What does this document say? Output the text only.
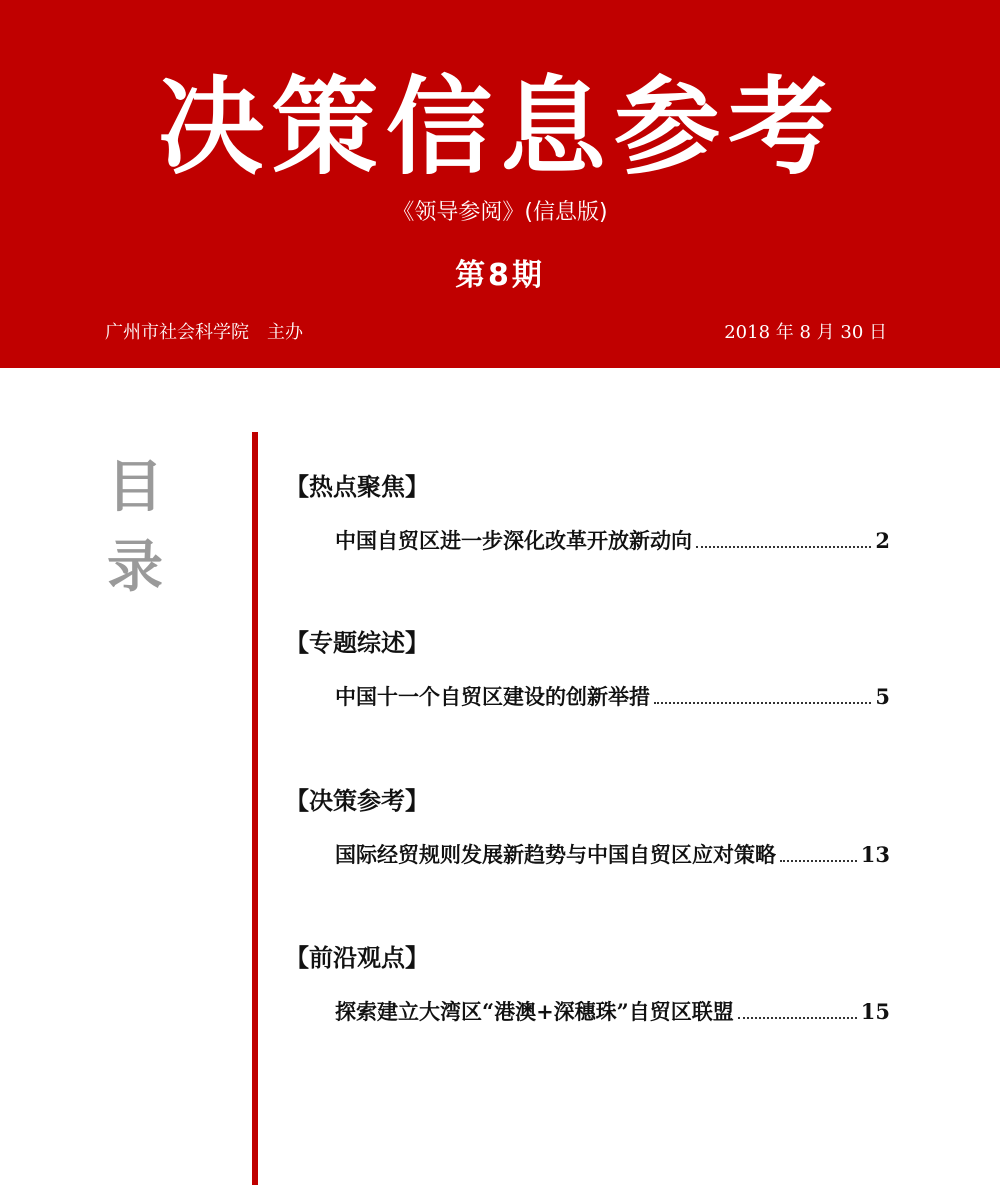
决策信息参考
《领导参阅》(信息版)
第8期
广州市社会科学院　主办	2018 年 8 月 30 日
目
录
【热点聚焦】
中国自贸区进一步深化改革开放新动向	2
【专题综述】
中国十一个自贸区建设的创新举措	5
【决策参考】
国际经贸规则发展新趋势与中国自贸区应对策略	13
【前沿观点】
探索建立大湾区“港澳+深穗珠”自贸区联盟	15
